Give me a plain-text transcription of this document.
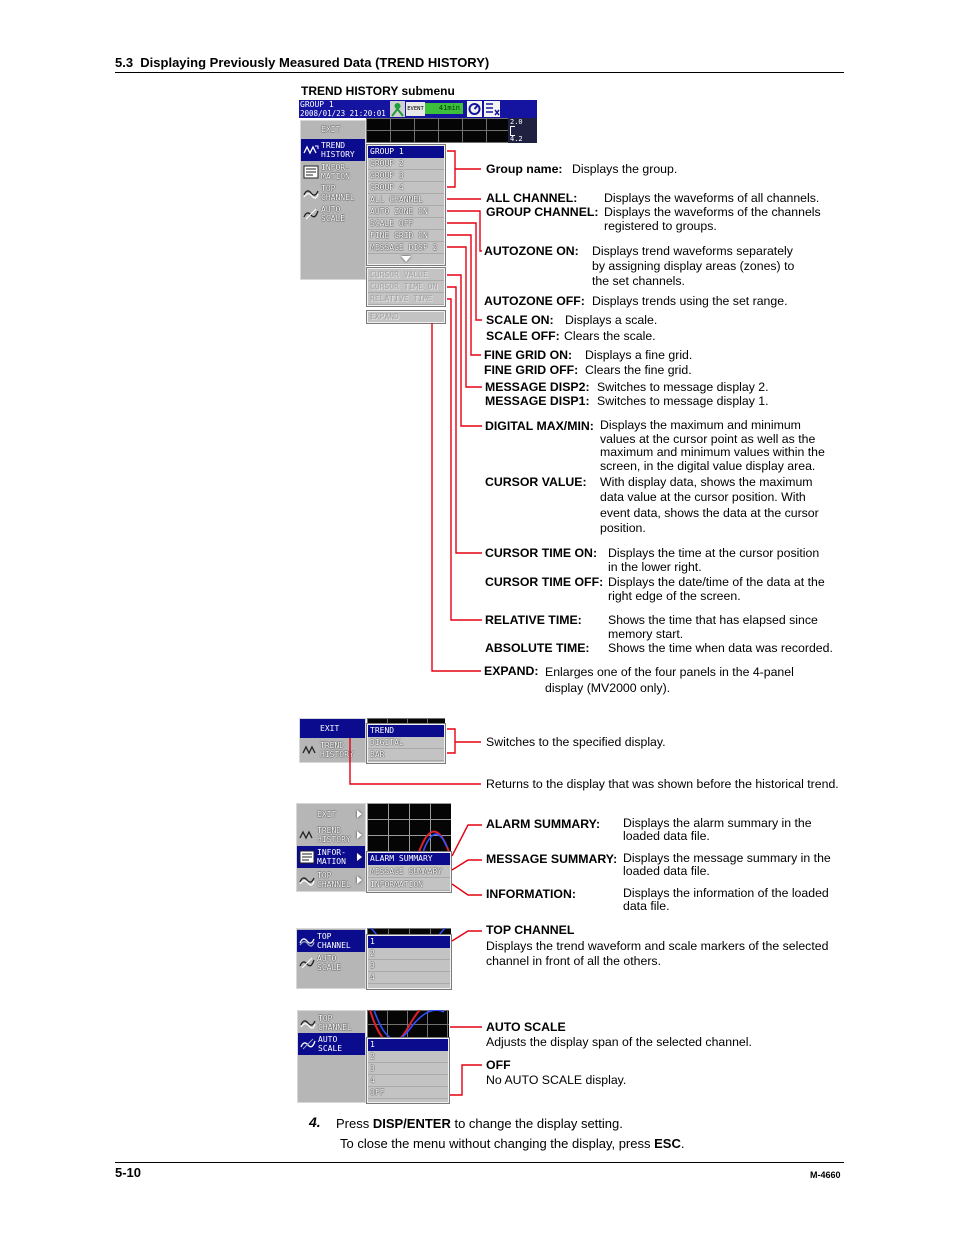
5.3  Displaying Previously Measured Data (TREND HISTORY)
TREND HISTORY submenu
GROUP 1
2008/01/23 21:20:01	EVENT	41min
2.0
4.2
EXIT
TREND
HISTORY
INFOR-
MATION
TOP
CHANNEL
AUTO
SCALE
GROUP 1
GROUP 2
GROUP 3
GROUP 4
ALL CHANNEL
AUTO ZONE ON
SCALE OFF
FINE GRID ON
MESSAGE DISP 2
CURSOR VALUE
CURSOR TIME ON
RELATIVE TIME
EXPAND
Group name: Displays the group.
ALL CHANNEL: Displays the waveforms of all channels.
GROUP CHANNEL: Displays the waveforms of the channels
registered to groups.
AUTOZONE ON: Displays trend waveforms separately
by assigning display areas (zones) to
the set channels.
AUTOZONE OFF: Displays trends using the set range.
SCALE ON: Displays a scale.
SCALE OFF: Clears the scale.
FINE GRID ON: Displays a fine grid.
FINE GRID OFF: Clears the fine grid.
MESSAGE DISP2: Switches to message display 2.
MESSAGE DISP1: Switches to message display 1.
DIGITAL MAX/MIN: Displays the maximum and minimum
values at the cursor point as well as the
maximum and minimum values within the
screen, in the digital value display area.
CURSOR VALUE: With display data, shows the maximum
data value at the cursor position. With
event data, shows the data at the cursor
position.
CURSOR TIME ON: Displays the time at the cursor position
in the lower right.
CURSOR TIME OFF: Displays the date/time of the data at the
right edge of the screen.
RELATIVE TIME: Shows the time that has elapsed since
memory start.
ABSOLUTE TIME: Shows the time when data was recorded.
EXPAND: Enlarges one of the four panels in the 4-panel
display (MV2000 only).
EXIT
TREND
HISTORY
TREND
DIGITAL
BAR
Switches to the specified display.
Returns to the display that was shown before the historical trend.
EXIT
TREND
HISTORY
INFOR-
MATION
TOP
CHANNEL
ALARM SUMMARY
MESSAGE SUMMARY
INFORMATION
ALARM SUMMARY: Displays the alarm summary in the
loaded data file.
MESSAGE SUMMARY: Displays the message summary in the
loaded data file.
INFORMATION:	Displays the information of the loaded
data file.
TOP
CHANNEL
AUTO
SCALE
1
2
3
4
TOP CHANNEL
Displays the trend waveform and scale markers of the selected
channel in front of all the others.
TOP
CHANNEL
AUTO
SCALE	1
2
3
4
OFF
AUTO SCALE
Adjusts the display span of the selected channel.
OFF
No AUTO SCALE display.
4. Press DISP/ENTER to change the display setting.
To close the menu without changing the display, press ESC.
5-10	M-4660
